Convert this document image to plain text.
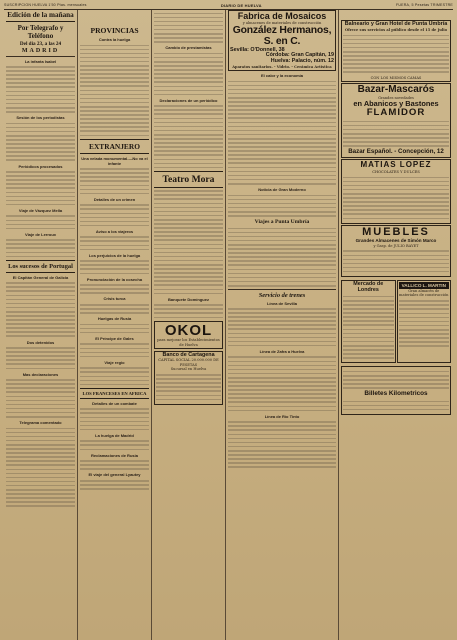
SUSCRIPCION HUELVA 1'50 Ptas. mensuales	DIARIO DE HUELVA	FUERA, 5 Pesetas TRIMESTRE
Edición de la mañana
Por Telegrafo y Teléfono
Del dia 23, a las 24
MADRID
La infanta Isabel
Sesión de los periodistas
Periódicos procesados
Viaje de Vázquez Mella
Viaje de Lerroux
Los sucesos de Portugal
El Capitán General de Galicia
Dos detenidos
Mas declaraciones
Telegrama comentado
PROVINCIAS
Contra la huelga
EXTRANJERO
Una velada monumental.—No va el infante
Detalles de un crimen
Aviso a los viajeros
Los perjuicios de la huelga
Pronunciación de la cosecha
Crisis turca
Huelgas de Rusia
El Príncipe de Gales
Viaje regio
LOS FRANCESES EN AFRICA
Detalles de un combate
La huelga de Madrid
Reclamaciones de Rusia
El viaje del general Lyautey
Cambio de prestamistas
Declaraciones de un periódico
Teatro Mora
Banquete Domínguez
OKOL
para mejorar los Establecimientos de Huelva
Banco de Cartagena
CAPITAL SOCIAL 20.000.000 DE PESETAS
Sucursal en Huelva
Fabrica de Mosaicos
y almacenes de materiales de construcción
González Hermanos, S. en C.
Sevilla: O'Donnell, 38
Córdoba: Gran Capitán, 19
Huelva: Palacio, núm. 12
Aparatos sanitarios. - Vidrio. - Cerámica Artística
El calor y la economía
Noticia de Gran Moderno
Viajes a Punta Umbría
Servicio de trenes
Línea de Sevilla
Línea de Zafra a Huelva
Línea de Río Tinto
Balneario y Gran Hotel de Punta Umbría
Ofrece sus servicios al público desde el 15 de Julio
CON LOS MISMOS CAMAS
Bazar-Mascarós
Grandes novedades
en Abanicos y Bastones
FLAMIDOR
Bazar Español. - Concepción, 12
MATIAS LOPEZ
CHOCOLATES Y DULCES
MUEBLES
Grandes Almacenes de Simón Marco
y Gasp. de JULIO BAYET
Mercado de Londres
VALLICO L. MARTIN
Gran almacén de materiales de construcción
Billetes Kilometricos
